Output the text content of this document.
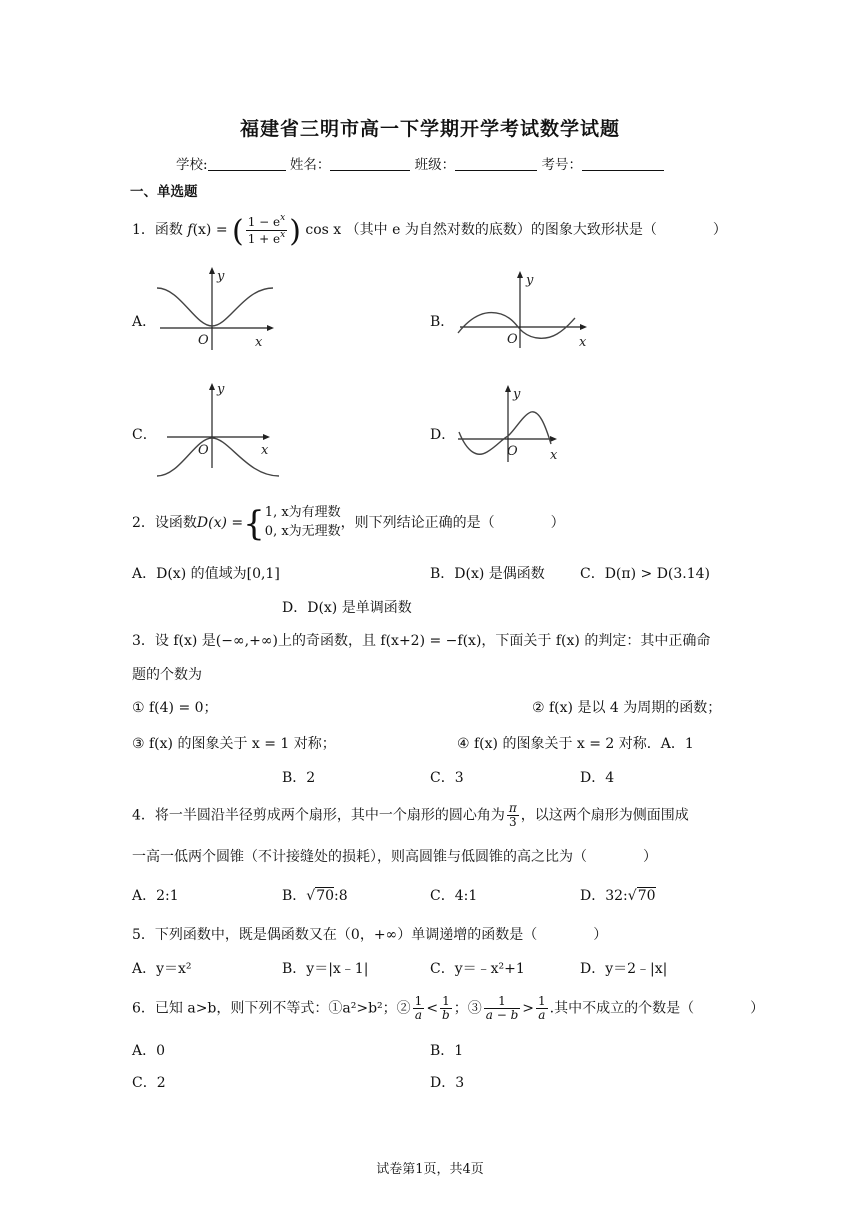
福建省三明市高一下学期开学考试数学试题
学校:	姓名：	班级：	考号：
一、单选题
1．函数 f(x) = ( $\frac{1 - e^x}{1 + e^x}$ ) cos x （其中 e 为自然对数的底数）的图象大致形状是（　　　　）
A．	B．
C．	D．
y
O	x
y
O	x
y
O	x
y
O x
2．设函数D(x) ={ 1, x为有理数
0, x为无理数
，则下列结论正确的是（　　　　）
A．D(x) 的值域为[0,1]	B．D(x) 是偶函数	C．D(π) > D(3.14)
D．D(x) 是单调函数
3．设 f(x) 是(−∞,+∞)上的奇函数，且 f(x+2) = −f(x)，下面关于 f(x) 的判定：其中正确命
题的个数为
① f(4) = 0；	② f(x) 是以 4 为周期的函数；
③ f(x) 的图象关于 x = 1 对称；	④ f(x) 的图象关于 x = 2 对称．A．1
B．2	C．3	D．4
4．将一半圆沿半径剪成两个扇形，其中一个扇形的圆心角为 $\frac{\pi}{3}$ ，以这两个扇形为侧面围成
一高一低两个圆锥（不计接缝处的损耗），则高圆锥与低圆锥的高之比为（　　　　）
A．2:1	B．√70:8	C．4:1	D．32:√70
5．下列函数中，既是偶函数又在（0，+∞）单调递增的函数是（　　　　）
A．y＝x²	B．y＝|x﹣1|	C．y＝﹣x²+1	D．y＝2﹣|x|
6．已知 a>b，则下列不等式：①a²>b²；② $\frac{1}{a} < \frac{1}{b}$ ；③ $\frac{1}{a - b} > \frac{1}{a}$ .其中不成立的个数是（　　　　）
A．0	B．1
C．2	D．3
试卷第1页，共4页
